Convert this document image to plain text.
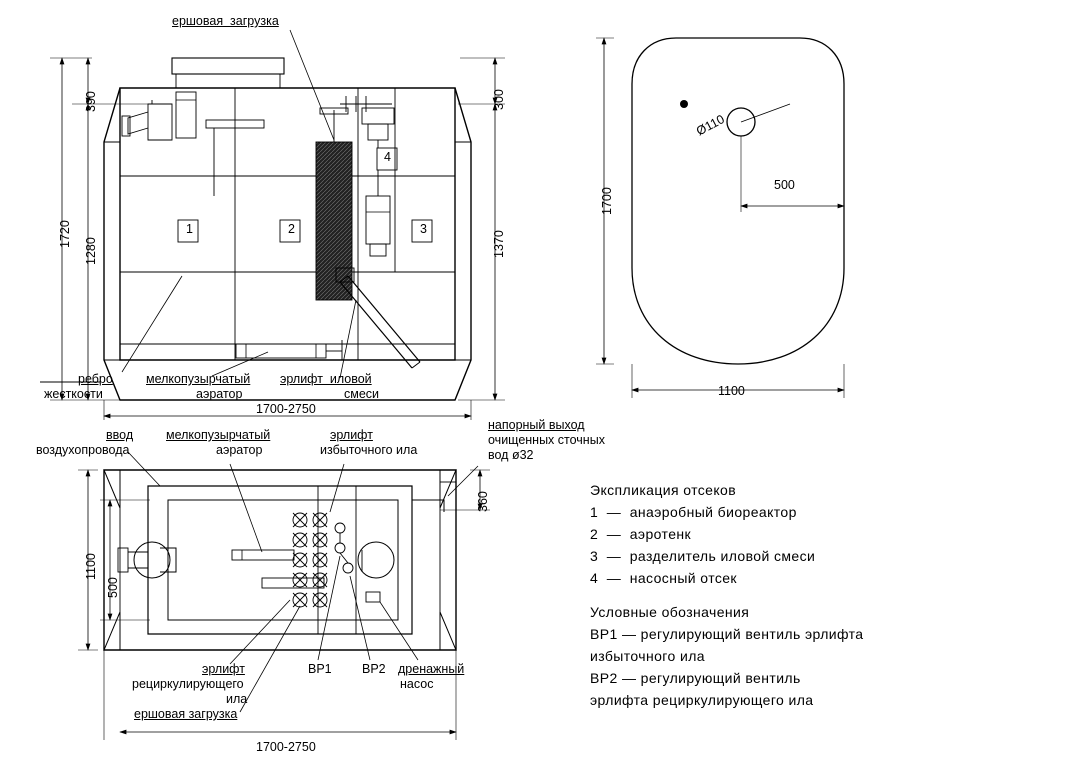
ершовая  загрузка
1720
1280
390	300
1370
1700-2750
1	2	3
4
ребро
жесткости
мелкопузырчатый
аэратор
эрлифт  иловой
смеси
1700
500
1100
Ø110
ввод
воздухопровода
мелкопузырчатый
аэратор
эрлифт
избыточного ила
напорный выход
очищенных сточных
вод ø32
1100
500
360
1700-2750
эрлифт
рециркулирующего
ила
ершовая загрузка
дренажный
насос
ВР1 ВР2
Экспликация отсеков
1  —  анаэробный биореактор
2  —  аэротенк
3  —  разделитель иловой смеси
4  —  насосный отсек
Условные обозначения
ВР1 — регулирующий вентиль эрлифта
избыточного ила
ВР2 — регулирующий вентиль
эрлифта рециркулирующего ила
